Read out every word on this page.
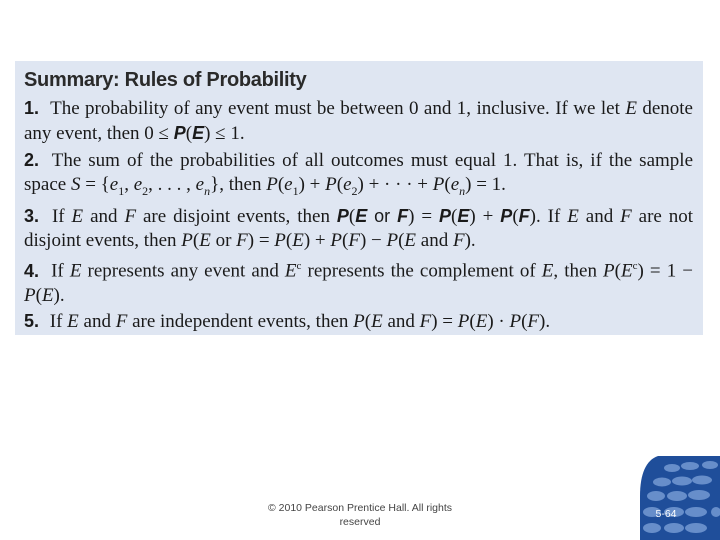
Summary: Rules of Probability
1. The probability of any event must be between 0 and 1, inclusive. If we let E denote any event, then 0 ≤ P(E) ≤ 1.
2. The sum of the probabilities of all outcomes must equal 1. That is, if the sample space $S = \{e_1$, $e_2$, . . . , $e_n$}, then $P(e_1) + P(e_2)$ + · · · + $P(e_n) = 1$.
3. If E and F are disjoint events, then P(E or F) = P(E) + P(F). If E and F are not disjoint events, then P(E or F) = P(E) + P(F) − P(E and F).
4. If E represents any event and $E^c$ represents the complement of E, then $P(E^c) = 1 - P(E)$.
5. If E and F are independent events, then P(E and F) = P(E) · P(F).
© 2010 Pearson Prentice Hall. All rights reserved
5-64
